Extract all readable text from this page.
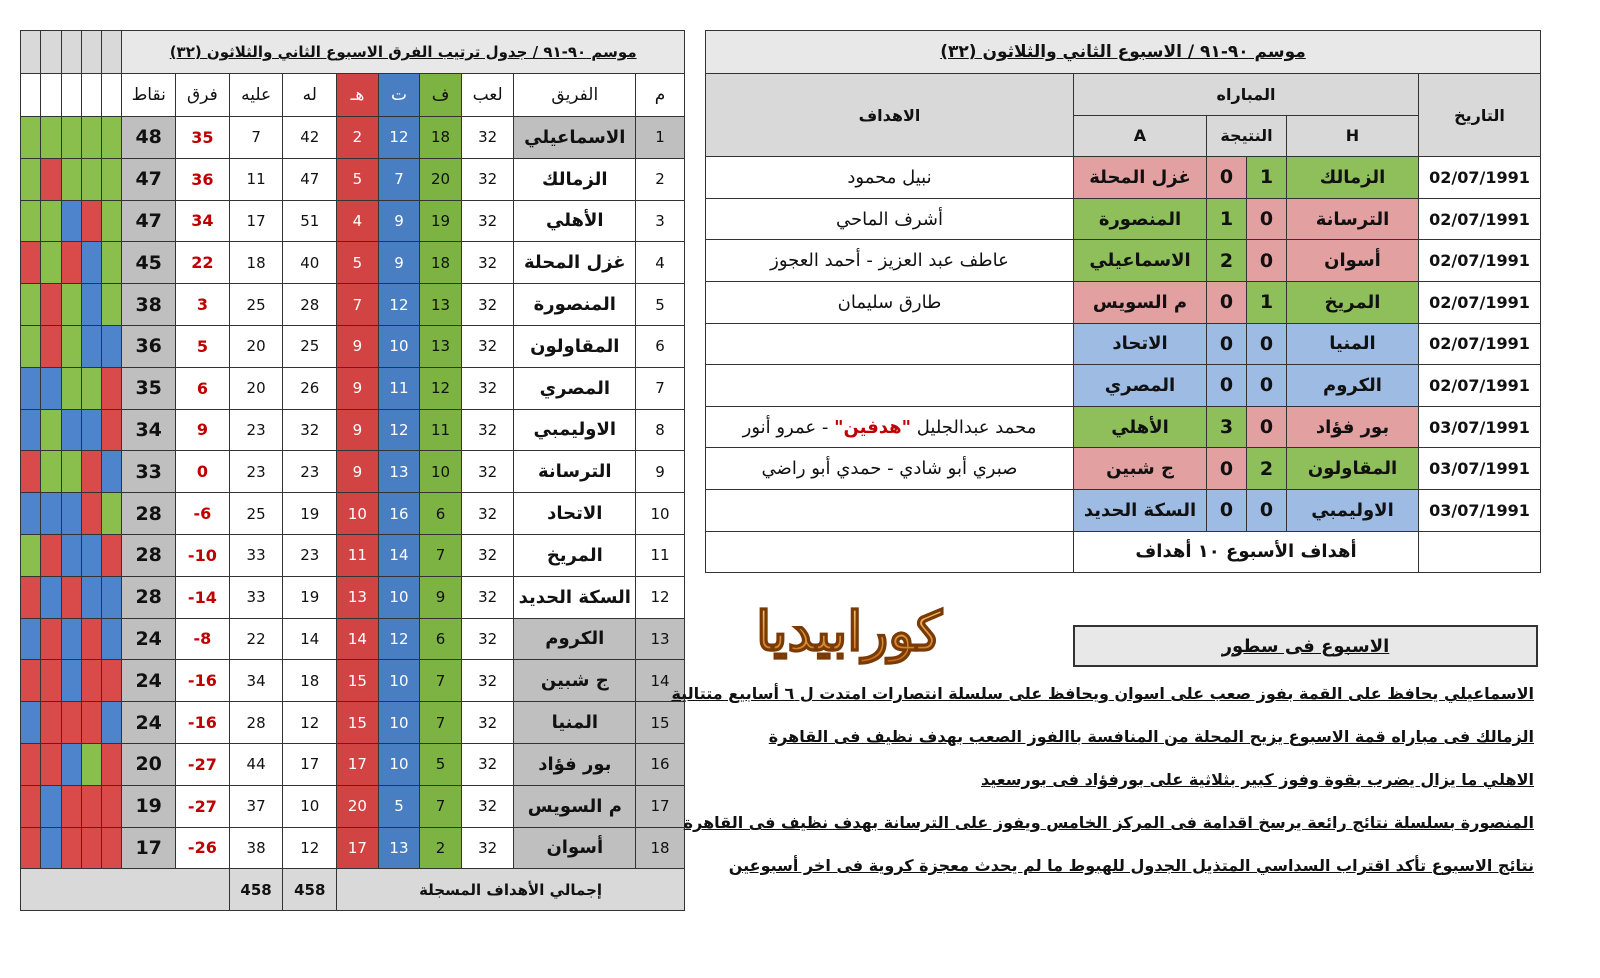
					موسم ٩٠-٩١ / جدول ترتيب الفرق الاسبوع الثاني والثلاثون (٣٢)									
					نقاط	فرق	عليه	له	هـ	ت	ف	لعب	الفريق	م
					48	35	7	42	2	12	18	32	الاسماعيلي	1
					47	36	11	47	5	7	20	32	الزمالك	2
					47	34	17	51	4	9	19	32	الأهلي	3
					45	22	18	40	5	9	18	32	غزل المحلة	4
					38	3	25	28	7	12	13	32	المنصورة	5
					36	5	20	25	9	10	13	32	المقاولون	6
					35	6	20	26	9	11	12	32	المصري	7
					34	9	23	32	9	12	11	32	الاوليمبي	8
					33	0	23	23	9	13	10	32	الترسانة	9
					28	-6	25	19	10	16	6	32	الاتحاد	10
					28	-10	33	23	11	14	7	32	المريخ	11
					28	-14	33	19	13	10	9	32	السكة الحديد	12
					24	-8	22	14	14	12	6	32	الكروم	13
					24	-16	34	18	15	10	7	32	ج شبين	14
					24	-16	28	12	15	10	7	32	المنيا	15
					20	-27	44	17	17	10	5	32	بور فؤاد	16
					19	-27	37	10	20	5	7	32	م السويس	17
					17	-26	38	12	17	13	2	32	أسوان	18
							458	458	إجمالي الأهداف المسجلة					
موسم ٩٠-٩١ / الاسبوع الثاني والثلاثون (٣٢)					
الاهداف	المباراه				التاريخ
	A	النتيجة		H	
نبيل محمود	غزل المحلة	0	1	الزمالك	02/07/1991
أشرف الماحي	المنصورة	1	0	الترسانة	02/07/1991
عاطف عبد العزيز - أحمد العجوز	الاسماعيلي	2	0	أسوان	02/07/1991
طارق سليمان	م السويس	0	1	المريخ	02/07/1991
	الاتحاد	0	0	المنيا	02/07/1991
	المصري	0	0	الكروم	02/07/1991
محمد عبدالجليل "هدفين" - عمرو أنور	الأهلي	3	0	بور فؤاد	03/07/1991
صبري أبو شادي - حمدي أبو راضي	ج شبين	0	2	المقاولون	03/07/1991
	السكة الحديد	0	0	الاوليمبي	03/07/1991
	أهداف الأسبوع ١٠ أهداف				
كورابيديا	الاسبوع فى سطور
الاسماعيلي يحافظ على القمة بفوز صعب على اسوان ويحافظ على سلسلة انتصارات امتدت ل ٦ أسابيع متتالية
الزمالك فى مباراه قمة الاسبوع يزيح المحلة من المنافسة باالفوز الصعب بهدف نظيف فى القاهرة
الاهلي ما يزال يضرب بقوة وفوز كبير بثلاثية على بورفؤاد فى بورسعيد
المنصورة بسلسلة نتائج رائعة يرسخ اقدامة فى المركز الخامس ويفوز على الترسانة بهدف نظيف فى القاهرة
نتائج الاسبوع تأكد اقتراب السداسي المتذيل الجدول للهبوط ما لم يحدث معجزة كروية فى اخر أسبوعين
